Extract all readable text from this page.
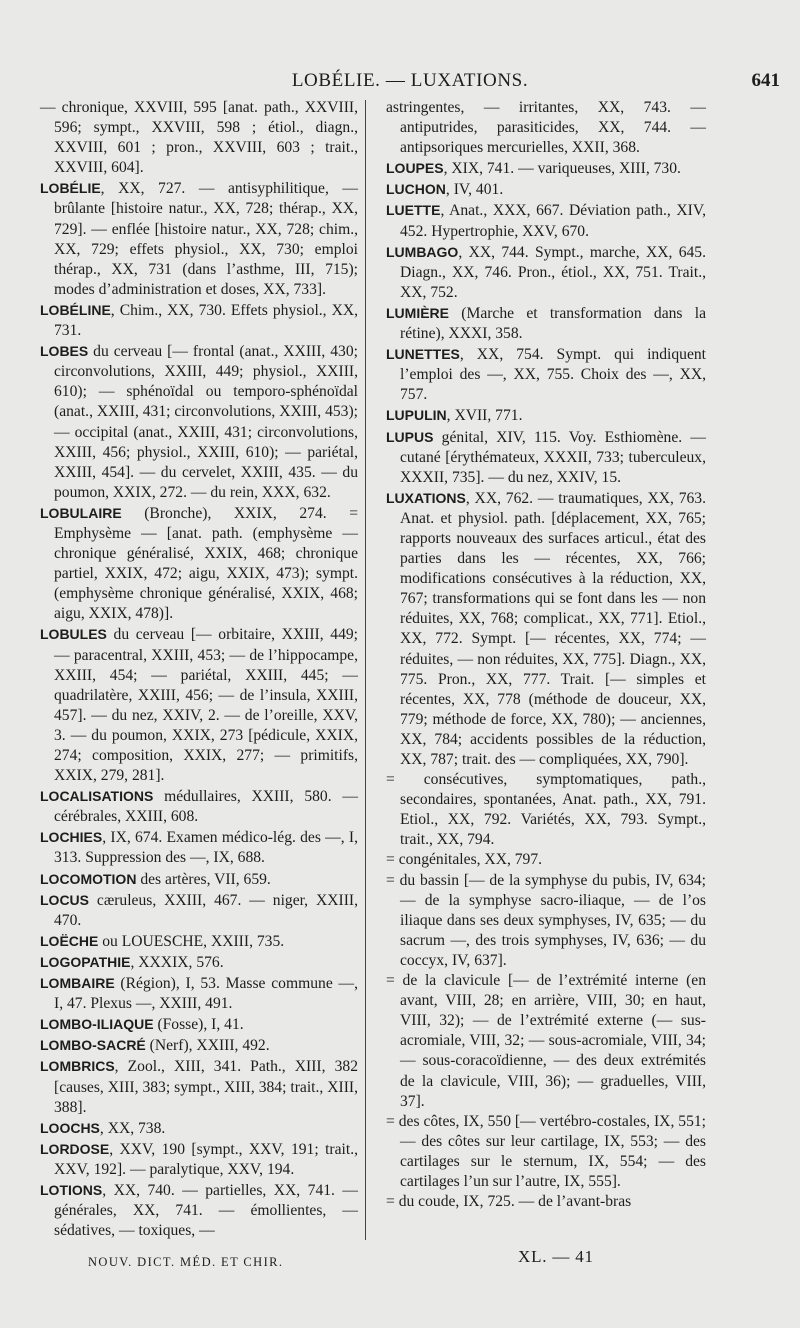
LOBÉLIE. — LUXATIONS.	641

— chronique, XXVIII, 595 [anat. path., XXVIII, 596; sympt., XXVIII, 598 ; étiol., diagn., XXVIII, 601 ; pron., XXVIII, 603 ; trait., XXVIII, 604].

LOBÉLIE, XX, 727. — antisyphilitique, — brûlante [histoire natur., XX, 728; thérap., XX, 729]. — enflée [histoire natur., XX, 728; chim., XX, 729; effets physiol., XX, 730; emploi thérap., XX, 731 (dans l’asthme, III, 715); modes d’administration et doses, XX, 733].

LOBÉLINE, Chim., XX, 730. Effets physiol., XX, 731.

LOBES du cerveau [— frontal (anat., XXIII, 430; circonvolutions, XXIII, 449; physiol., XXIII, 610); — sphénoïdal ou temporo-sphénoïdal (anat., XXIII, 431; circonvolutions, XXIII, 453); — occipital (anat., XXIII, 431; circonvolutions, XXIII, 456; physiol., XXIII, 610); — pariétal, XXIII, 454]. — du cervelet, XXIII, 435. — du poumon, XXIX, 272. — du rein, XXX, 632.

LOBULAIRE (Bronche), XXIX, 274. = Emphysème — [anat. path. (emphysème — chronique généralisé, XXIX, 468; chronique partiel, XXIX, 472; aigu, XXIX, 473); sympt. (emphysème chronique généralisé, XXIX, 468; aigu, XXIX, 478)].

LOBULES du cerveau [— orbitaire, XXIII, 449; — paracentral, XXIII, 453; — de l’hippocampe, XXIII, 454; — pariétal, XXIII, 445; — quadrilatère, XXIII, 456; — de l’insula, XXIII, 457]. — du nez, XXIV, 2. — de l’oreille, XXV, 3. — du poumon, XXIX, 273 [pédicule, XXIX, 274; composition, XXIX, 277; — primitifs, XXIX, 279, 281].

LOCALISATIONS médullaires, XXIII, 580. — cérébrales, XXIII, 608.

LOCHIES, IX, 674. Examen médico-lég. des —, I, 313. Suppression des —, IX, 688.

LOCOMOTION des artères, VII, 659.

LOCUS cæruleus, XXIII, 467. — niger, XXIII, 470.

LOËCHE ou LOUESCHE, XXIII, 735.

LOGOPATHIE, XXXIX, 576.

LOMBAIRE (Région), I, 53. Masse commune —, I, 47. Plexus —, XXIII, 491.

LOMBO-ILIAQUE (Fosse), I, 41.

LOMBO-SACRÉ (Nerf), XXIII, 492.

LOMBRICS, Zool., XIII, 341. Path., XIII, 382 [causes, XIII, 383; sympt., XIII, 384; trait., XIII, 388].

LOOCHS, XX, 738.

LORDOSE, XXV, 190 [sympt., XXV, 191; trait., XXV, 192]. — paralytique, XXV, 194.

LOTIONS, XX, 740. — partielles, XX, 741. — générales, XX, 741. — émollientes, — sédatives, — toxiques, —

astringentes, — irritantes, XX, 743. — antiputrides, parasiticides, XX, 744. — antipsoriques mercurielles, XXII, 368.

LOUPES, XIX, 741. — variqueuses, XIII, 730.

LUCHON, IV, 401.

LUETTE, Anat., XXX, 667. Déviation path., XIV, 452. Hypertrophie, XXV, 670.

LUMBAGO, XX, 744. Sympt., marche, XX, 645. Diagn., XX, 746. Pron., étiol., XX, 751. Trait., XX, 752.

LUMIÈRE (Marche et transformation dans la rétine), XXXI, 358.

LUNETTES, XX, 754. Sympt. qui indiquent l’emploi des —, XX, 755. Choix des —, XX, 757.

LUPULIN, XVII, 771.

LUPUS génital, XIV, 115. Voy. Esthiomène. — cutané [érythémateux, XXXII, 733; tuberculeux, XXXII, 735]. — du nez, XXIV, 15.

LUXATIONS, XX, 762. — traumatiques, XX, 763. Anat. et physiol. path. [déplacement, XX, 765; rapports nouveaux des surfaces articul., état des parties dans les — récentes, XX, 766; modifications consécutives à la réduction, XX, 767; transformations qui se font dans les — non réduites, XX, 768; complicat., XX, 771]. Etiol., XX, 772. Sympt. [— récentes, XX, 774; — réduites, — non réduites, XX, 775]. Diagn., XX, 775. Pron., XX, 777. Trait. [— simples et récentes, XX, 778 (méthode de douceur, XX, 779; méthode de force, XX, 780); — anciennes, XX, 784; accidents possibles de la réduction, XX, 787; trait. des — compliquées, XX, 790].

= consécutives, symptomatiques, path., secondaires, spontanées, Anat. path., XX, 791. Etiol., XX, 792. Variétés, XX, 793. Sympt., trait., XX, 794.

= congénitales, XX, 797.

= du bassin [— de la symphyse du pubis, IV, 634; — de la symphyse sacro-iliaque, — de l’os iliaque dans ses deux symphyses, IV, 635; — du sacrum —, des trois symphyses, IV, 636; — du coccyx, IV, 637].

= de la clavicule [— de l’extrémité interne (en avant, VIII, 28; en arrière, VIII, 30; en haut, VIII, 32); — de l’extrémité externe (— sus-acromiale, VIII, 32; — sous-acromiale, VIII, 34; — sous-coracoïdienne, — des deux extrémités de la clavicule, VIII, 36); — graduelles, VIII, 37].

= des côtes, IX, 550 [— vertébro-costales, IX, 551; — des côtes sur leur cartilage, IX, 553; — des cartilages sur le sternum, IX, 554; — des cartilages l’un sur l’autre, IX, 555].

= du coude, IX, 725. — de l’avant-bras

NOUV. DICT. MÉD. ET CHIR.	XL. — 41
